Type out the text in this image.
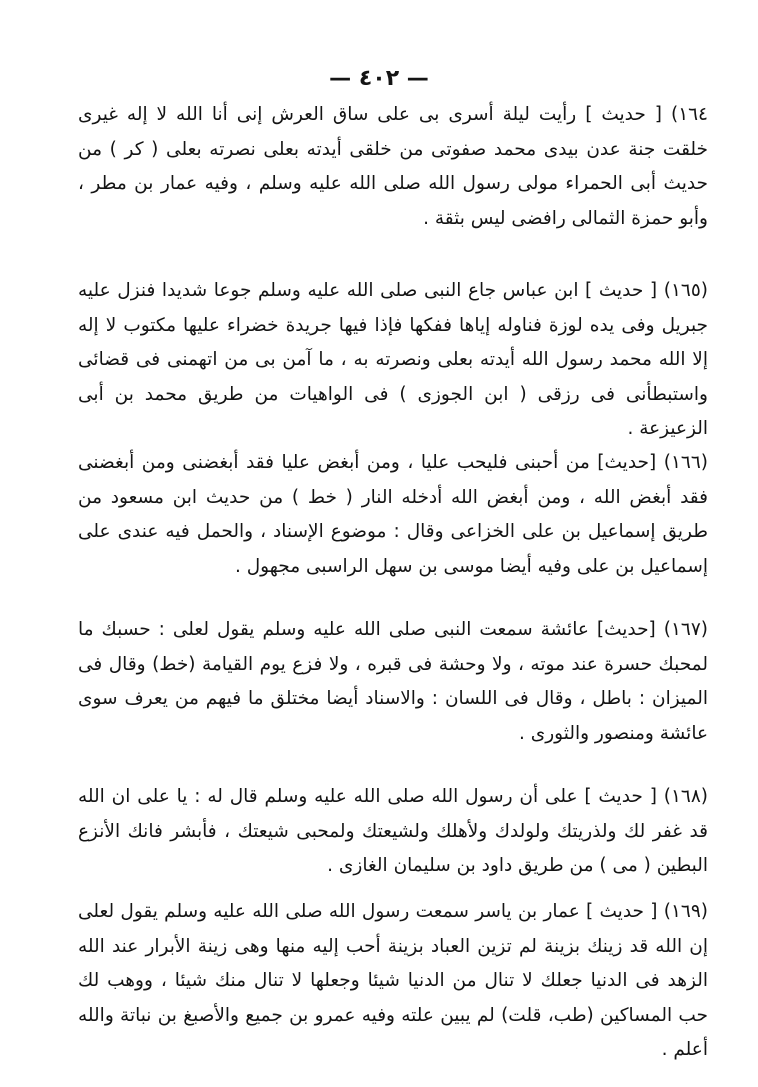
— ٤٠٢ —

١٦٤) [ حديث ] رأيت ليلة أسرى بى على ساق العرش إنى أنا الله لا إله غيرى خلقت جنة عدن بيدى محمد صفوتى من خلقى أيدته بعلى نصرته بعلى ( كر ) من حديث أبى الحمراء مولى رسول الله صلى الله عليه وسلم ، وفيه عمار بن مطر ، وأبو حمزة الثمالى رافضى ليس بثقة .

(١٦٥) [ حديث ] ابن عباس جاع النبى صلى الله عليه وسلم جوعا شديدا فنزل عليه جبريل وفى يده لوزة فناوله إياها ففكها فإذا فيها جريدة خضراء عليها مكتوب لا إله إلا الله محمد رسول الله أيدته بعلى ونصرته به ، ما آمن بى من اتهمنى فى قضائى واستبطأنى فى رزقى ( ابن الجوزى ) فى الواهيات من طريق محمد بن أبى الزعيزعة .

(١٦٦) [حديث] من أحبنى فليحب عليا ، ومن أبغض عليا فقد أبغضنى ومن أبغضنى فقد أبغض الله ، ومن أبغض الله أدخله النار ( خط ) من حديث ابن مسعود من طريق إسماعيل بن على الخزاعى وقال : موضوع الإسناد ، والحمل فيه عندى على إسماعيل بن على وفيه أيضا موسى بن سهل الراسبى مجهول .

(١٦٧) [حديث] عائشة سمعت النبى صلى الله عليه وسلم يقول لعلى : حسبك ما لمحبك حسرة عند موته ، ولا وحشة فى قبره ، ولا فزع يوم القيامة (خط) وقال فى الميزان : باطل ، وقال فى اللسان : والاسناد أيضا مختلق ما فيهم من يعرف سوى عائشة ومنصور والثورى .

(١٦٨) [ حديث ] على أن رسول الله صلى الله عليه وسلم قال له : يا على ان الله قد غفر لك ولذريتك ولولدك ولأهلك ولشيعتك ولمحبى شيعتك ، فأبشر فانك الأنزع البطين ( مى ) من طريق داود بن سليمان الغازى .

(١٦٩) [ حديث ] عمار بن ياسر سمعت رسول الله صلى الله عليه وسلم يقول لعلى إن الله قد زينك بزينة لم تزين العباد بزينة أحب إليه منها وهى زينة الأبرار عند الله الزهد فى الدنيا جعلك لا تنال من الدنيا شيئا وجعلها لا تنال منك شيئا ، ووهب لك حب المساكين (طب، قلت) لم يبين علته وفيه عمرو بن جميع والأصبغ بن نباتة والله أعلم .
